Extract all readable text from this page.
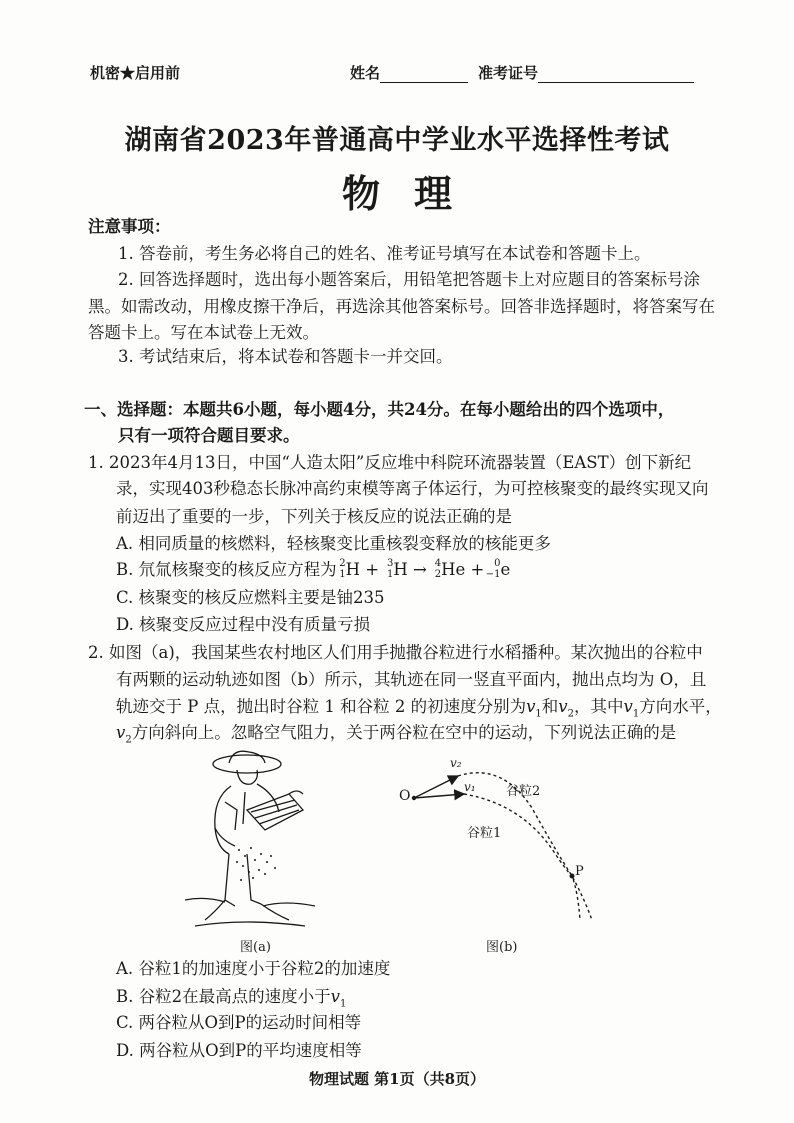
机密★启用前	姓名	准考证号
湖南省2023年普通高中学业水平选择性考试
物理
注意事项：
1. 答卷前，考生务必将自己的姓名、准考证号填写在本试卷和答题卡上。
2. 回答选择题时，选出每小题答案后，用铅笔把答题卡上对应题目的答案标号涂
黑。如需改动，用橡皮擦干净后，再选涂其他答案标号。回答非选择题时，将答案写在
答题卡上。写在本试卷上无效。
3. 考试结束后，将本试卷和答题卡一并交回。
一、选择题：本题共6小题，每小题4分，共24分。在每小题给出的四个选项中，
只有一项符合题目要求。
1. 2023年4月13日，中国“人造太阳”反应堆中科院环流器装置（EAST）创下新纪
录，实现403秒稳态长脉冲高约束模等离子体运行，为可控核聚变的最终实现又向
前迈出了重要的一步，下列关于核反应的说法正确的是
A. 相同质量的核燃料，轻核聚变比重核裂变释放的核能更多
B. 氘氚核聚变的核反应方程为 2
1 H + 3
1 H → 4
2 He + 0
−1 e
C. 核聚变的核反应燃料主要是铀235
D. 核聚变反应过程中没有质量亏损
2. 如图（a)，我国某些农村地区人们用手抛撒谷粒进行水稻播种。某次抛出的谷粒中
有两颗的运动轨迹如图（b）所示，其轨迹在同一竖直平面内，抛出点均为 O，且
轨迹交于 P 点，抛出时谷粒 1 和谷粒 2 的初速度分别为$v_1$和$v_2$，其中$v_1$方向水平，
$v_2$方向斜向上。忽略空气阻力，关于两谷粒在空中的运动，下列说法正确的是
图(a)
O
v₂
v₁ 谷粒2
谷粒1
P
图(b)
A. 谷粒1的加速度小于谷粒2的加速度
B. 谷粒2在最高点的速度小于$v_1$
C. 两谷粒从O到P的运动时间相等
D. 两谷粒从O到P的平均速度相等
物理试题 第1页（共8页）
